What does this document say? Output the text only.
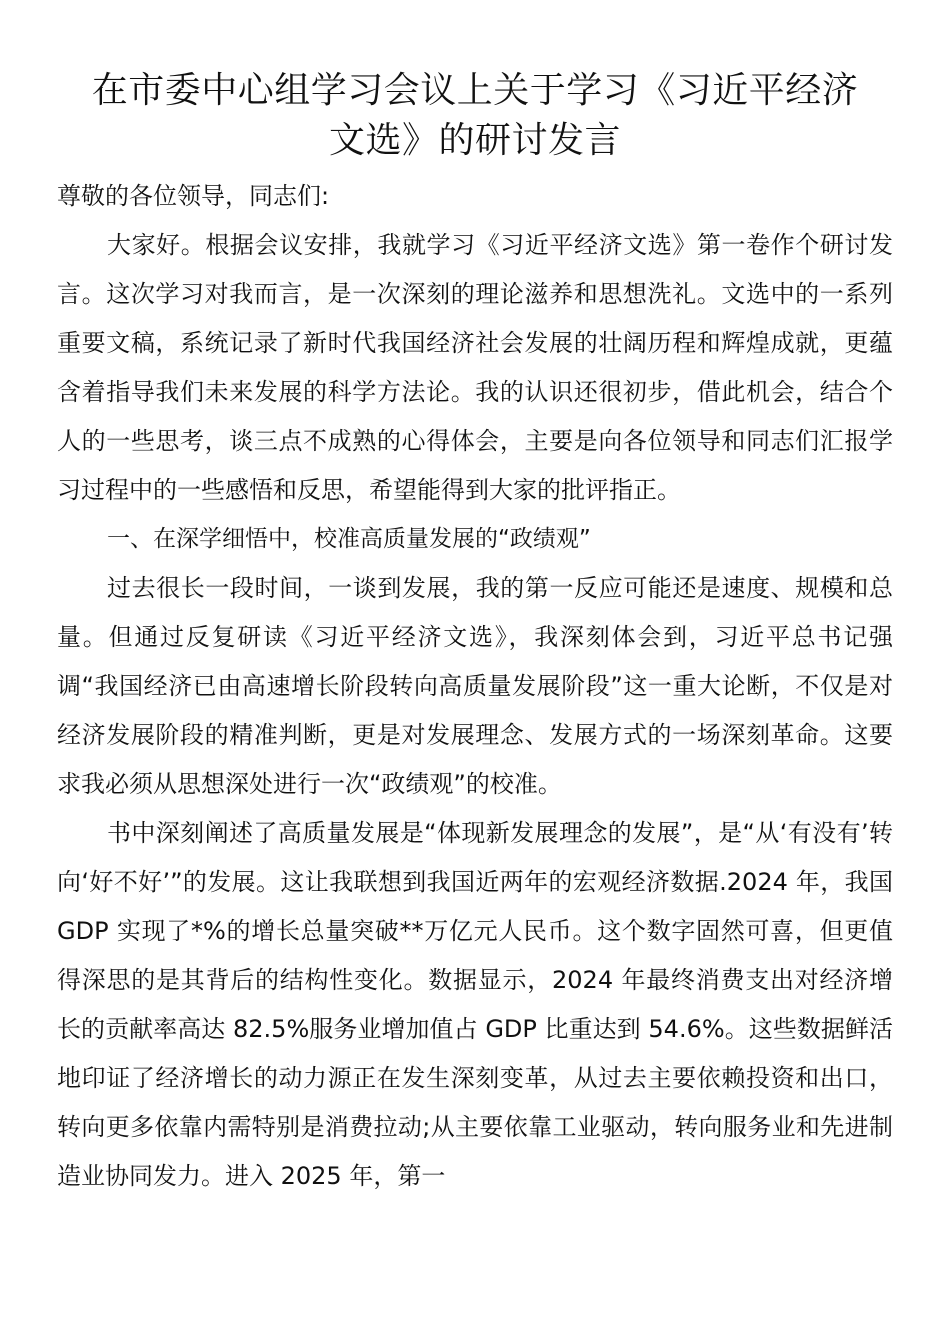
在市委中心组学习会议上关于学习《习近平经济文选》的研讨发言

尊敬的各位领导，同志们:

大家好。根据会议安排，我就学习《习近平经济文选》第一卷作个研讨发言。这次学习对我而言，是一次深刻的理论滋养和思想洗礼。文选中的一系列重要文稿，系统记录了新时代我国经济社会发展的壮阔历程和辉煌成就，更蕴含着指导我们未来发展的科学方法论。我的认识还很初步，借此机会，结合个人的一些思考，谈三点不成熟的心得体会，主要是向各位领导和同志们汇报学习过程中的一些感悟和反思，希望能得到大家的批评指正。

一、在深学细悟中，校准高质量发展的“政绩观”

过去很长一段时间，一谈到发展，我的第一反应可能还是速度、规模和总量。但通过反复研读《习近平经济文选》，我深刻体会到，习近平总书记强调“我国经济已由高速增长阶段转向高质量发展阶段”这一重大论断，不仅是对经济发展阶段的精准判断，更是对发展理念、发展方式的一场深刻革命。这要求我必须从思想深处进行一次“政绩观”的校准。

书中深刻阐述了高质量发展是“体现新发展理念的发展”，是“从‘有没有’转向‘好不好’”的发展。这让我联想到我国近两年的宏观经济数据.2024 年，我国 GDP 实现了*%的增长总量突破**万亿元人民币。这个数字固然可喜，但更值得深思的是其背后的结构性变化。数据显示，2024 年最终消费支出对经济增长的贡献率高达 82.5%服务业增加值占 GDP 比重达到 54.6%。这些数据鲜活地印证了经济增长的动力源正在发生深刻变革，从过去主要依赖投资和出口，转向更多依靠内需特别是消费拉动;从主要依靠工业驱动，转向服务业和先进制造业协同发力。进入 2025 年，第一
